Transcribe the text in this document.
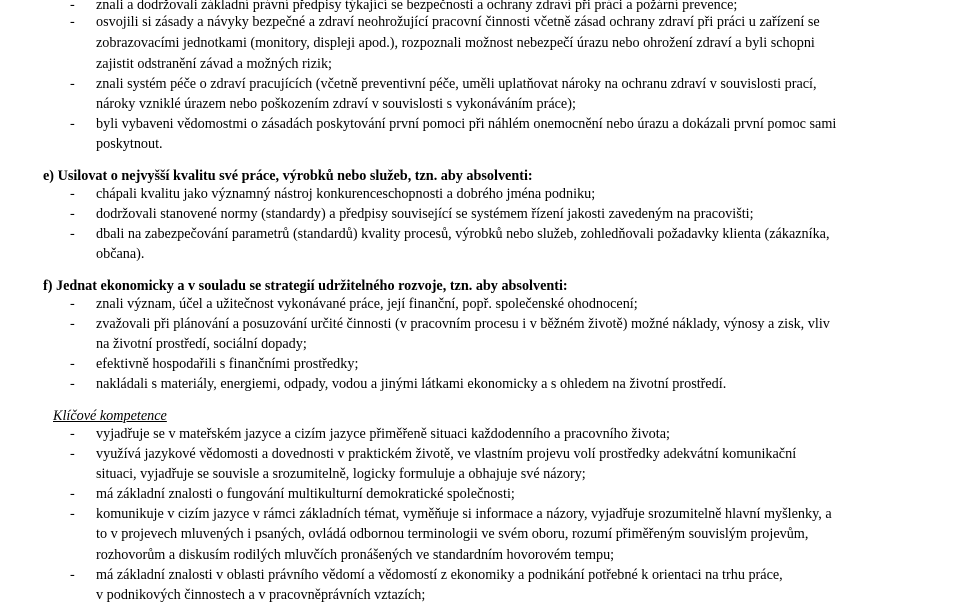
- znali a dodržovali základní právní předpisy týkající se bezpečnosti a ochrany zdraví při práci a požární prevence;
- osvojili si zásady a návyky bezpečné a zdraví neohrožující pracovní činnosti včetně zásad ochrany zdraví při práci u zařízení se
zobrazovacími jednotkami (monitory, displeji apod.), rozpoznali možnost nebezpečí úrazu nebo ohrožení zdraví a byli schopni
zajistit odstranění závad a možných rizik;
- znali systém péče o zdraví pracujících (včetně preventivní péče, uměli uplatňovat nároky na ochranu zdraví v souvislosti prací,
nároky vzniklé úrazem nebo poškozením zdraví v souvislosti s vykonáváním práce);
- byli vybaveni vědomostmi o zásadách poskytování první pomoci při náhlém onemocnění nebo úrazu a dokázali první pomoc sami
poskytnout.
e) Usilovat o nejvyšší kvalitu své práce, výrobků nebo služeb, tzn. aby absolventi:
- chápali kvalitu jako významný nástroj konkurenceschopnosti a dobrého jména podniku;
- dodržovali stanovené normy (standardy) a předpisy související se systémem řízení jakosti zavedeným na pracovišti;
- dbali na zabezpečování parametrů (standardů) kvality procesů, výrobků nebo služeb, zohledňovali požadavky klienta (zákazníka,
občana).
f) Jednat ekonomicky a v souladu se strategií udržitelného rozvoje, tzn. aby absolventi:
- znali význam, účel a užitečnost vykonávané práce, její finanční, popř. společenské ohodnocení;
- zvažovali při plánování a posuzování určité činnosti (v pracovním procesu i v běžném životě) možné náklady, výnosy a zisk, vliv
na životní prostředí, sociální dopady;
- efektivně hospodařili s finančními prostředky;
- nakládali s materiály, energiemi, odpady, vodou a jinými látkami ekonomicky a s ohledem na životní prostředí.
Klíčové kompetence
- vyjadřuje se v mateřském jazyce a cizím jazyce přiměřeně situaci každodenního a pracovního života;
- využívá jazykové vědomosti a dovednosti v praktickém životě, ve vlastním projevu volí prostředky adekvátní komunikační
situaci, vyjadřuje se souvisle a srozumitelně, logicky formuluje a obhajuje své názory;
- má základní znalosti o fungování multikulturní demokratické společnosti;
- komunikuje v cizím jazyce v rámci základních témat, vyměňuje si informace a názory, vyjadřuje srozumitelně hlavní myšlenky, a
to v projevech mluvených i psaných, ovládá odbornou terminologii ve svém oboru, rozumí přiměřeným souvislým projevům,
rozhovorům a diskusím rodilých mluvčích pronášených ve standardním hovorovém tempu;
- má základní znalosti v oblasti právního vědomí a vědomostí z ekonomiky a podnikání potřebné k orientaci na trhu práce,
v podnikových činnostech a v pracovněprávních vztazích;
